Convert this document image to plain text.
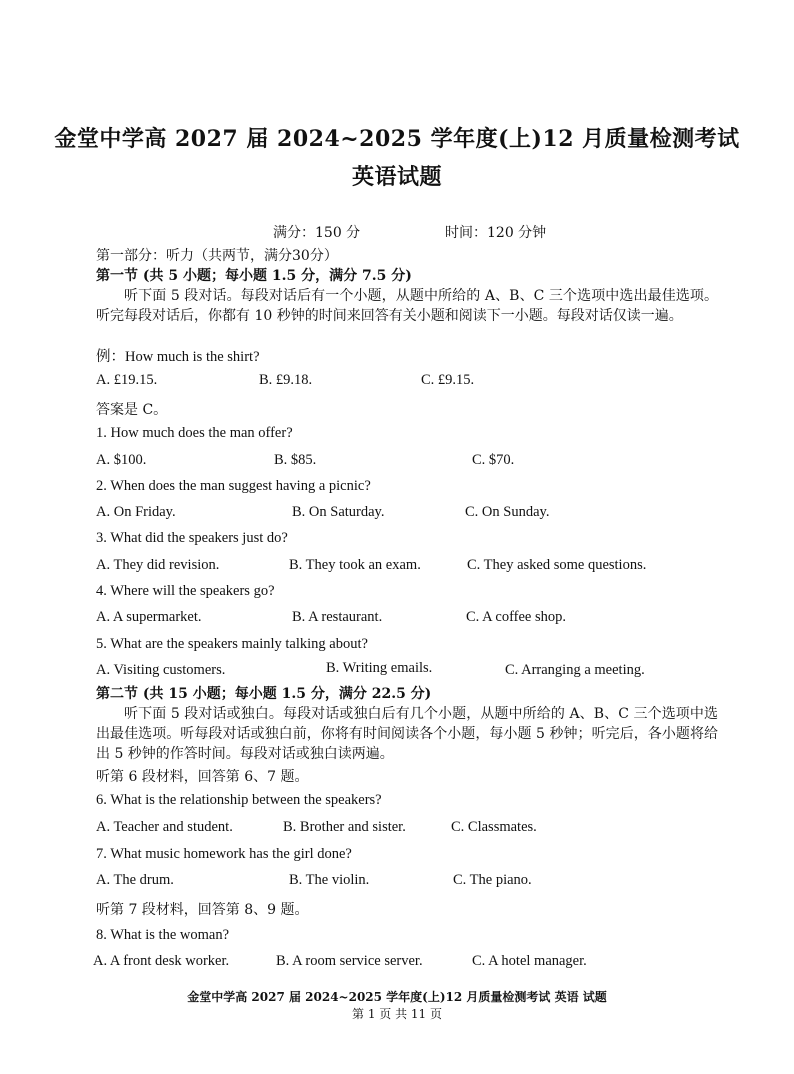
金堂中学高 2027 届 2024~2025 学年度(上)12 月质量检测考试
英语试题
满分：150 分	时间：120 分钟
第一部分：听力（共两节，满分30分）
第一节 (共 5 小题；每小题 1.5 分，满分 7.5 分)
听下面 5 段对话。每段对话后有一个小题，从题中所给的 A、B、C 三个选项中选出最佳选项。听完每段对话后，你都有 10 秒钟的时间来回答有关小题和阅读下一小题。每段对话仅读一遍。
例：How much is the shirt?
A. £19.15.	B. £9.18.	C. £9.15.
答案是 C。
1. How much does the man offer?
A. $100.	B. $85.	C. $70.
2. When does the man suggest having a picnic?
A. On Friday.	B. On Saturday.	C. On Sunday.
3. What did the speakers just do?
A. They did revision.	B. They took an exam.	C. They asked some questions.
4. Where will the speakers go?
A. A supermarket.	B. A restaurant.	C. A coffee shop.
5. What are the speakers mainly talking about?
A. Visiting customers.	B. Writing emails.	C. Arranging a meeting.
第二节 (共 15 小题；每小题 1.5 分，满分 22.5 分)
听下面 5 段对话或独白。每段对话或独白后有几个小题，从题中所给的 A、B、C 三个选项中选出最佳选项。听每段对话或独白前，你将有时间阅读各个小题，每小题 5 秒钟；听完后，各小题将给出 5 秒钟的作答时间。每段对话或独白读两遍。
听第 6 段材料，回答第 6、7 题。
6. What is the relationship between the speakers?
A. Teacher and student.	B. Brother and sister.	C. Classmates.
7. What music homework has the girl done?
A. The drum.	B. The violin.	C. The piano.
听第 7 段材料，回答第 8、9 题。
8. What is the woman?
A. A front desk worker.	B. A room service server.	C. A hotel manager.
金堂中学高 2027 届 2024~2025 学年度(上)12 月质量检测考试 英语 试题
第 1 页 共 11 页
